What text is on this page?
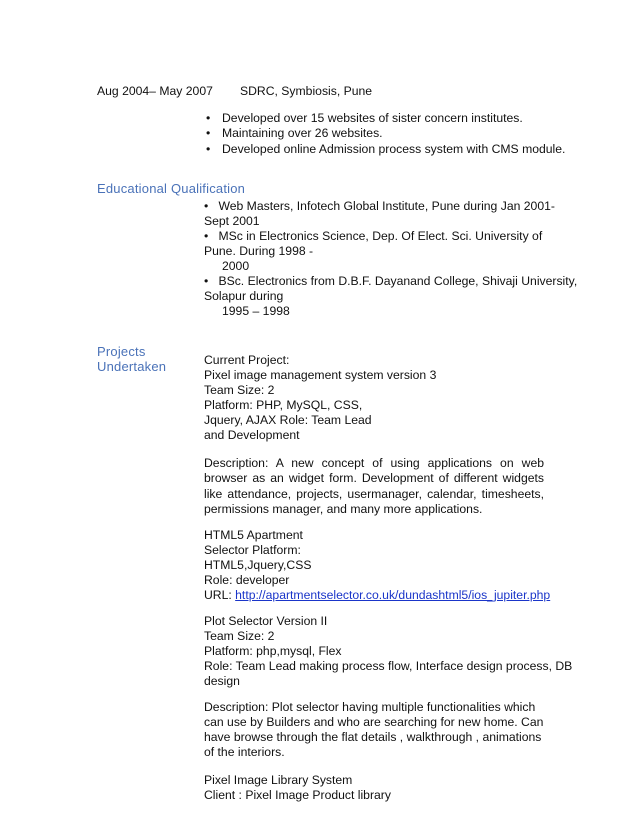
Aug 2004– May 2007 SDRC, Symbiosis, Pune
• Developed over 15 websites of sister concern institutes.
• Maintaining over 26 websites.
• Developed online Admission process system with CMS module.
Educational Qualification
• Web Masters, Infotech Global Institute, Pune during Jan 2001-
Sept 2001
• MSc in Electronics Science, Dep. Of Elect. Sci. University of
Pune. During 1998 -
2000
• BSc. Electronics from D.B.F. Dayanand College, Shivaji University,
Solapur during
1995 – 1998
Projects
Undertaken	Current Project:
Pixel image management system version 3
Team Size: 2
Platform: PHP, MySQL, CSS,
Jquery, AJAX Role: Team Lead
and Development
Description: A new concept of using applications on web browser as an widget form. Development of different widgets like attendance, projects, usermanager, calendar, timesheets, permissions manager, and many more applications.
HTML5 Apartment
Selector Platform:
HTML5,Jquery,CSS
Role: developer
URL: http://apartmentselector.co.uk/dundashtml5/ios_jupiter.php
Plot Selector Version II
Team Size: 2
Platform: php,mysql, Flex
Role: Team Lead making process flow, Interface design process, DB
design
Description: Plot selector having multiple functionalities which
can use by Builders and who are searching for new home. Can
have browse through the flat details , walkthrough , animations
of the interiors.
Pixel Image Library System
Client : Pixel Image Product library
